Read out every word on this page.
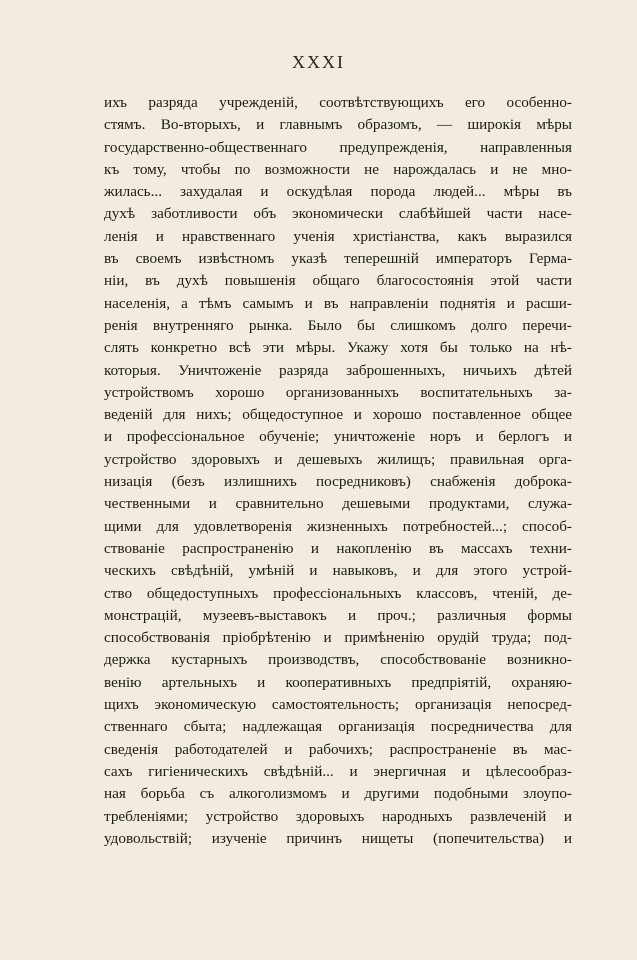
XXXI
ихъ разряда учрежденій, соотвѣтствующихъ его особенно-
стямъ. Во-вторыхъ, и главнымъ образомъ, — широкія мѣры
государственно-общественнаго предупрежденія, направленныя
къ тому, чтобы по возможности не нарождалась и не мно-
жилась... захудалая и оскудѣлая порода людей... мѣры въ
духѣ заботливости объ экономически слабѣйшей части насе-
ленія и нравственнаго ученія христіанства, какъ выразился
въ своемъ извѣстномъ указѣ теперешній императоръ Герма-
ніи, въ духѣ повышенія общаго благосостоянія этой части
населенія, а тѣмъ самымъ и въ направленіи поднятія и расши-
ренія внутренняго рынка. Было бы слишкомъ долго перечи-
слять конкретно всѣ эти мѣры. Укажу хотя бы только на нѣ-
которыя. Уничтоженіе разряда заброшенныхъ, ничьихъ дѣтей
устройствомъ хорошо организованныхъ воспитательныхъ за-
веденій для нихъ; общедоступное и хорошо поставленное общее
и профессіональное обученіе; уничтоженіе норъ и берлогъ и
устройство здоровыхъ и дешевыхъ жилищъ; правильная орга-
низація (безъ излишнихъ посредниковъ) снабженія доброка-
чественными и сравнительно дешевыми продуктами, служа-
щими для удовлетворенія жизненныхъ потребностей...; способ-
ствованіе распространенію и накопленію въ массахъ техни-
ческихъ свѣдѣній, умѣній и навыковъ, и для этого устрой-
ство общедоступныхъ профессіональныхъ классовъ, чтеній, де-
монстрацій, музеевъ-выставокъ и проч.; различныя формы
способствованія пріобрѣтенію и примѣненію орудій труда; под-
держка кустарныхъ производствъ, способствованіе возникно-
венію артельныхъ и кооперативныхъ предпріятій, охраняю-
щихъ экономическую самостоятельность; организація непосред-
ственнаго сбыта; надлежащая организація посредничества для
сведенія работодателей и рабочихъ; распространеніе въ мас-
сахъ гигіеническихъ свѣдѣній... и энергичная и цѣлесообраз-
ная борьба съ алкоголизмомъ и другими подобными злоупо-
требленіями; устройство здоровыхъ народныхъ развлеченій и
удовольствій; изученіе причинъ нищеты (попечительства) и
